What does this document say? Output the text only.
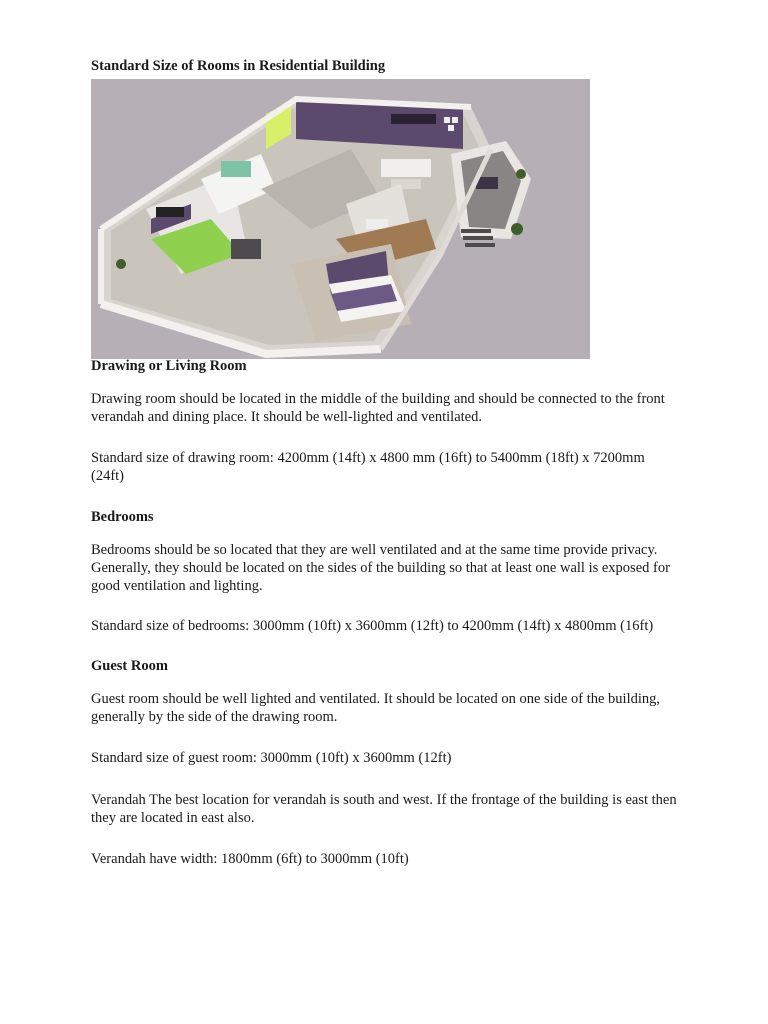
Standard Size of Rooms in Residential Building
Drawing or Living Room
Drawing room should be located in the middle of the building and should be connected to the front verandah and dining place. It should be well-lighted and ventilated.
Standard size of drawing room: 4200mm (14ft) x 4800 mm (16ft) to 5400mm (18ft) x 7200mm (24ft)
Bedrooms
Bedrooms should be so located that they are well ventilated and at the same time provide privacy. Generally, they should be located on the sides of the building so that at least one wall is exposed for good ventilation and lighting.
Standard size of bedrooms: 3000mm (10ft) x 3600mm (12ft) to 4200mm (14ft) x 4800mm (16ft)
Guest Room
Guest room should be well lighted and ventilated. It should be located on one side of the building, generally by the side of the drawing room.
Standard size of guest room: 3000mm (10ft) x 3600mm (12ft)
Verandah The best location for verandah is south and west. If the frontage of the building is east then they are located in east also.
Verandah have width: 1800mm (6ft) to 3000mm (10ft)
